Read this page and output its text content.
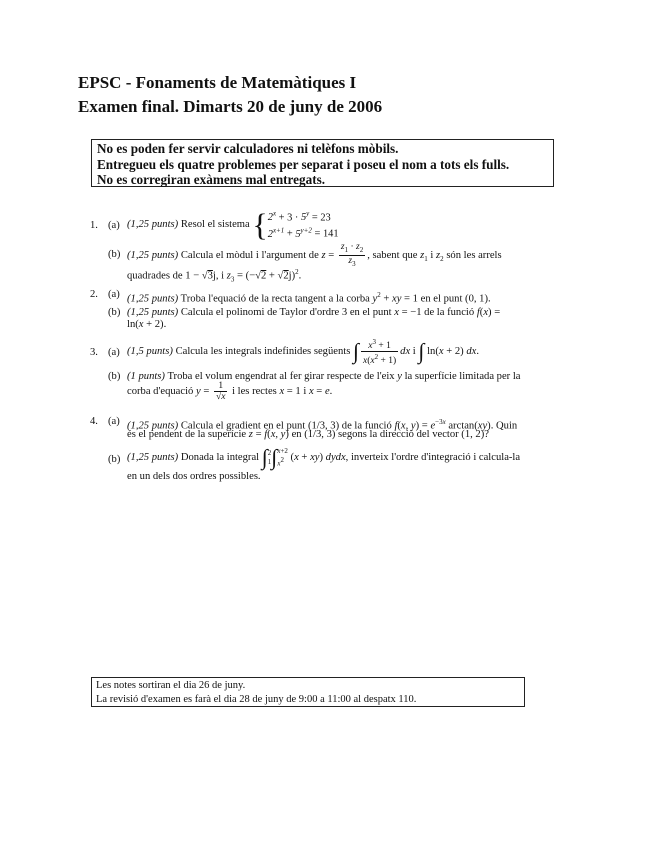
EPSC - Fonaments de Matemàtiques I
Examen final. Dimarts 20 de juny de 2006
No es poden fer servir calculadores ni telèfons mòbils.
Entregueu els quatre problemes per separat i poseu el nom a tots els fulls.
No es corregiran exàmens mal entregats.
1. (a) (1,25 punts) Resol el sistema { $2^x + 3 \cdot 5^y = 23$
$2^{x+1} + 5^{y+2} = 141$
(b) (1,25 punts) Calcula el mòdul i l'argument de $z = \frac{z_1 \cdot z_2}{z_3}$ , sabent que $z_1$ i $z_2$ són les arrels
quadrades de 1 − √3j, i $z_3 = (-√2 + √2j)^2$.
2. (a) (1,25 punts) Troba l'equació de la recta tangent a la corba $y^2$ + xy = 1 en el punt (0, 1).
(b) (1,25 punts) Calcula el polinomi de Taylor d'ordre 3 en el punt x = −1 de la funció f(x) =
ln(x + 2).
3. (a) (1,5 punts) Calcula les integrals indefinides següents ∫ $\frac{x^3 + 1}{x(x^2 + 1)}$ dx i ∫ ln(x + 2) dx.
(b) (1 punts) Troba el volum engendrat al fer girar respecte de l'eix y la superfície limitada per la
corba d'equació $y = \frac{1}{√x}$ i les rectes x = 1 i x = e.
4. (a) (1,25 punts) Calcula el gradient en el punt (1/3, 3) de la funció f(x, $y) = e^{-3x}$ arctan(xy). Quin
és el pendent de la superície z = f(x, y) en (1/3, 3) segons la direcció del vector (1, 2)?
(b) (1,25 punts) Donada la integral ∫ 2
1 ∫ x+2
$x^2$ (x + xy) dydx, inverteix l'ordre d'integració i calcula-la
en un dels dos ordres possibles.
Les notes sortiran el dia 26 de juny.
La revisió d'examen es farà el dia 28 de juny de 9:00 a 11:00 al despatx 110.
